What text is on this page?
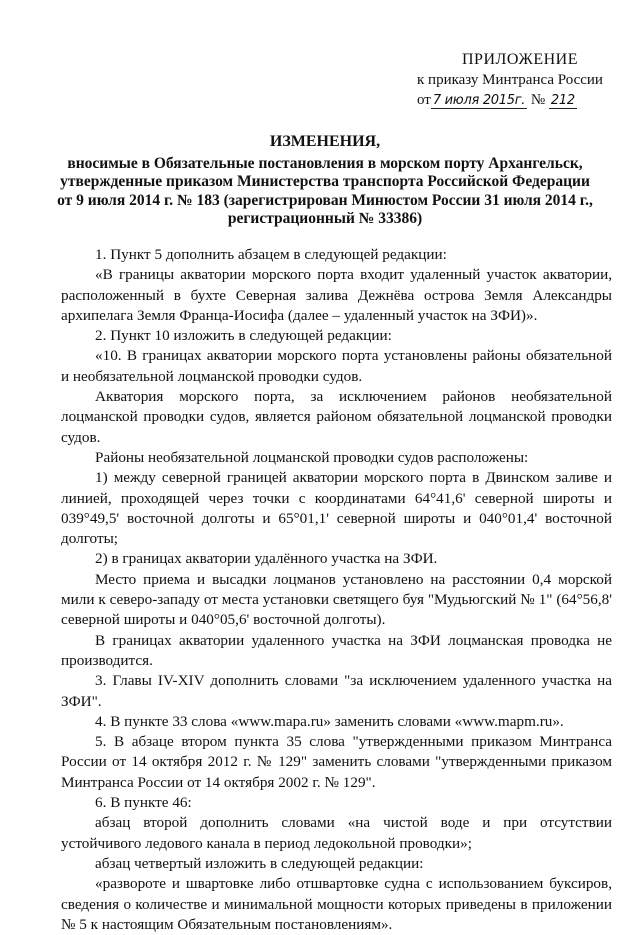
ПРИЛОЖЕНИЕ
к приказу Минтранса России
от 7 июля 2015г. № 212
ИЗМЕНЕНИЯ,
вносимые в Обязательные постановления в морском порту Архангельск,
утвержденные приказом Министерства транспорта Российской Федерации
от 9 июля 2014 г. № 183 (зарегистрирован Минюстом России 31 июля 2014 г.,
регистрационный № 33386)

1. Пункт 5 дополнить абзацем в следующей редакции:

«В границы акватории морского порта входит удаленный участок акватории, расположенный в бухте Северная залива Дежнёва острова Земля Александры архипелага Земля Франца-Иосифа (далее – удаленный участок на ЗФИ)».

2. Пункт 10 изложить в следующей редакции:

«10. В границах акватории морского порта установлены районы обязательной и необязательной лоцманской проводки судов.

Акватория морского порта, за исключением районов необязательной лоцманской проводки судов, является районом обязательной лоцманской проводки судов.

Районы необязательной лоцманской проводки судов расположены:

1) между северной границей акватории морского порта в Двинском заливе и линией, проходящей через точки с координатами 64°41,6' северной широты и 039°49,5' восточной долготы и 65°01,1' северной широты и 040°01,4' восточной долготы;

2) в границах акватории удалённого участка на ЗФИ.

Место приема и высадки лоцманов установлено на расстоянии 0,4 морской мили к северо-западу от места установки светящего буя "Мудьюгский № 1" (64°56,8' северной широты и 040°05,6' восточной долготы).

В границах акватории удаленного участка на ЗФИ лоцманская проводка не производится.

3. Главы IV-XIV дополнить словами "за исключением удаленного участка на ЗФИ".

4. В пункте 33 слова «www.mapa.ru» заменить словами «www.mapm.ru».

5. В абзаце втором пункта 35 слова "утвержденными приказом Минтранса России от 14 октября 2012 г. № 129" заменить словами "утвержденными приказом Минтранса России от 14 октября 2002 г. № 129".

6. В пункте 46:

абзац второй дополнить словами «на чистой воде и при отсутствии устойчивого ледового канала в период ледокольной проводки»;

абзац четвертый изложить в следующей редакции:

«развороте и швартовке либо отшвартовке судна с использованием буксиров, сведения о количестве и минимальной мощности которых приведены в приложении № 5 к настоящим Обязательным постановлениям».
